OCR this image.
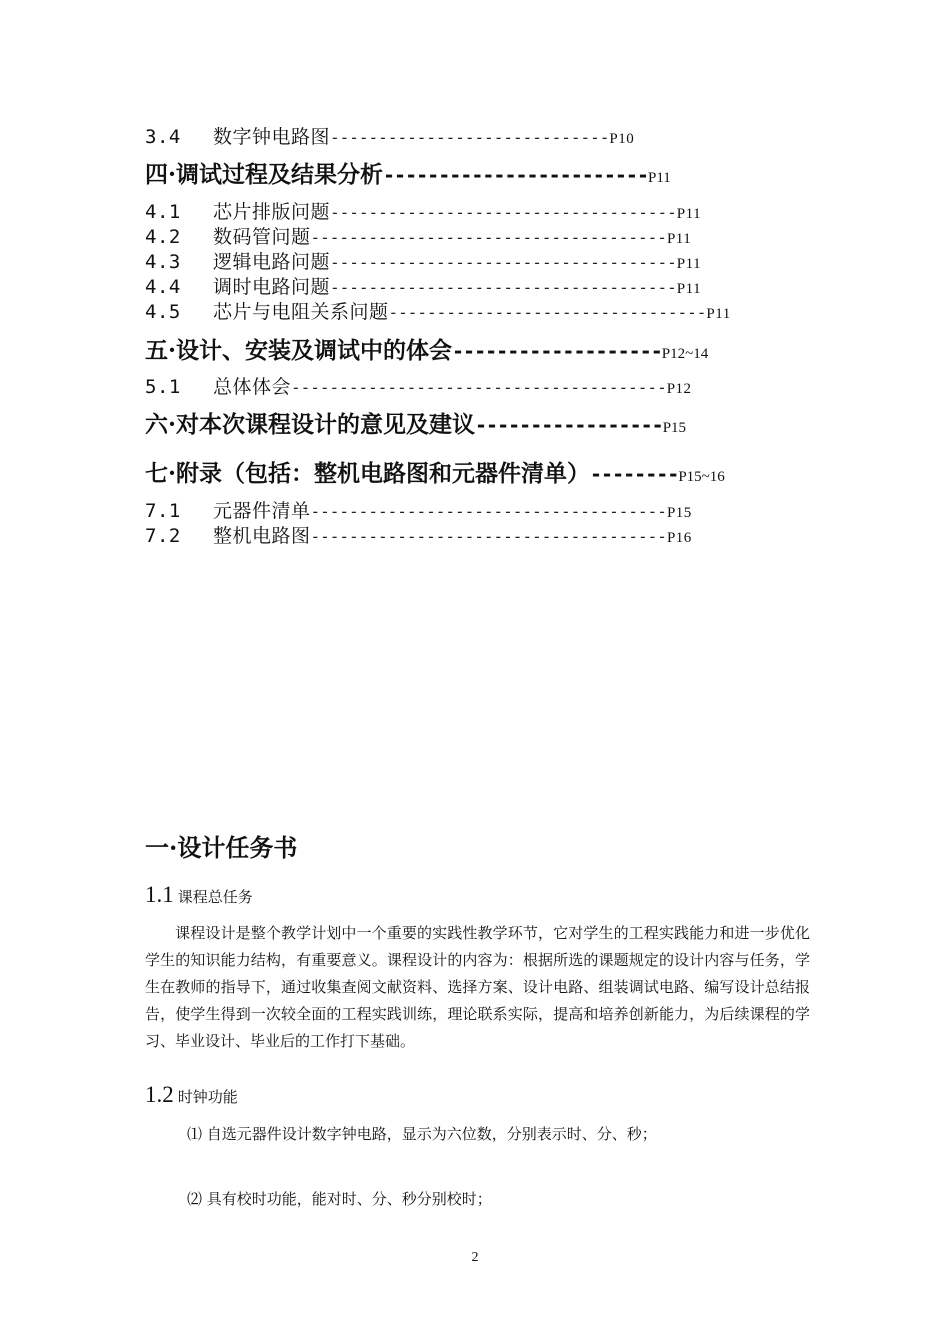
3.4 数字钟电路图-----------------------------P10
四·调试过程及结果分析------------------------P11
4.1 芯片排版问题------------------------------------P11
4.2 数码管问题-------------------------------------P11
4.3 逻辑电路问题------------------------------------P11
4.4 调时电路问题------------------------------------P11
4.5 芯片与电阻关系问题---------------------------------P11
五·设计、安装及调试中的体会-------------------P12~14
5.1 总体体会---------------------------------------P12
六·对本次课程设计的意见及建议-----------------P15
七·附录（包括：整机电路图和元器件清单）--------P15~16
7.1 元器件清单-------------------------------------P15
7.2 整机电路图-------------------------------------P16
一·设计任务书
1.1 课程总任务
课程设计是整个教学计划中一个重要的实践性教学环节，它对学生的工程实践能力和进一步优化学生的知识能力结构，有重要意义。课程设计的内容为：根据所选的课题规定的设计内容与任务，学生在教师的指导下，通过收集查阅文献资料、选择方案、设计电路、组装调试电路、编写设计总结报告，使学生得到一次较全面的工程实践训练，理论联系实际，提高和培养创新能力，为后续课程的学习、毕业设计、毕业后的工作打下基础。
1.2 时钟功能
⑴ 自选元器件设计数字钟电路，显示为六位数，分别表示时、分、秒；
⑵ 具有校时功能，能对时、分、秒分别校时；
2
